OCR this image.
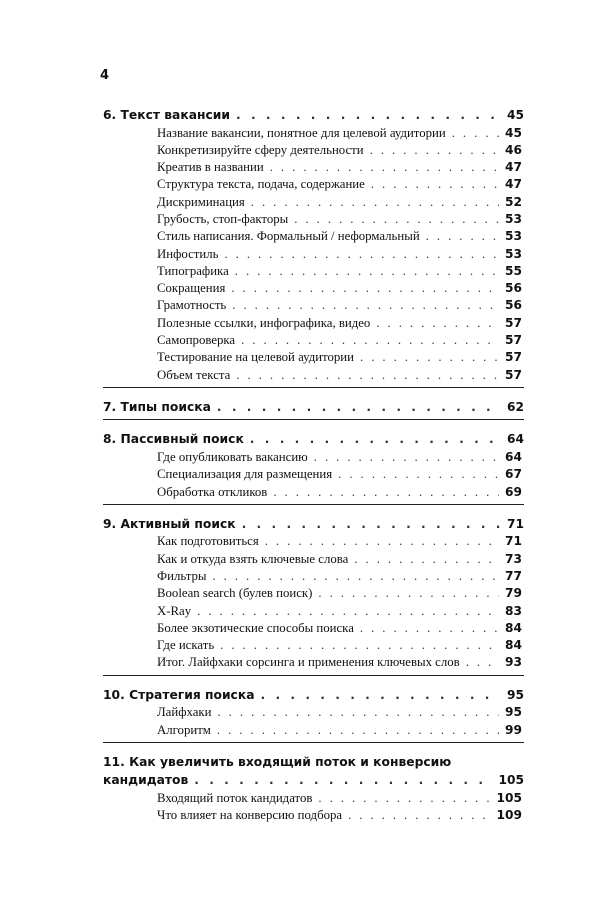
4
6. Текст вакансии . . .	45
Название вакансии, понятное для целевой аудитории . . .	45
Конкретизируйте сферу деятельности . . .	46
Креатив в названии . . .	47
Структура текста, подача, содержание . . .	47
Дискриминация . . .	52
Грубость, стоп-факторы . . .	53
Стиль написания. Формальный / неформальный . . .	53
Инфостиль . . .	53
Типографика . . .	55
Сокращения . . .	56
Грамотность . . .	56
Полезные ссылки, инфографика, видео . . .	57
Самопроверка . . .	57
Тестирование на целевой аудитории . . .	57
Объем текста . . .	57
7. Типы поиска . . .	62
8. Пассивный поиск . . .	64
Где опубликовать вакансию . . .	64
Специализация для размещения . . .	67
Обработка откликов . . .	69
9. Активный поиск . . .	71
Как подготовиться . . .	71
Как и откуда взять ключевые слова . . .	73
Фильтры . . .	77
Boolean search (булев поиск) . . .	79
X-Ray . . .	83
Более экзотические способы поиска . . .	84
Где искать . . .	84
Итог. Лайфхаки сорсинга и применения ключевых слов . . .	93
10. Стратегия поиска . . .	95
Лайфхаки . . .	95
Алгоритм . . .	99
11. Как увеличить входящий поток и конверсию
кандидатов . . .	105
Входящий поток кандидатов . . .	105
Что влияет на конверсию подбора . . .	109
